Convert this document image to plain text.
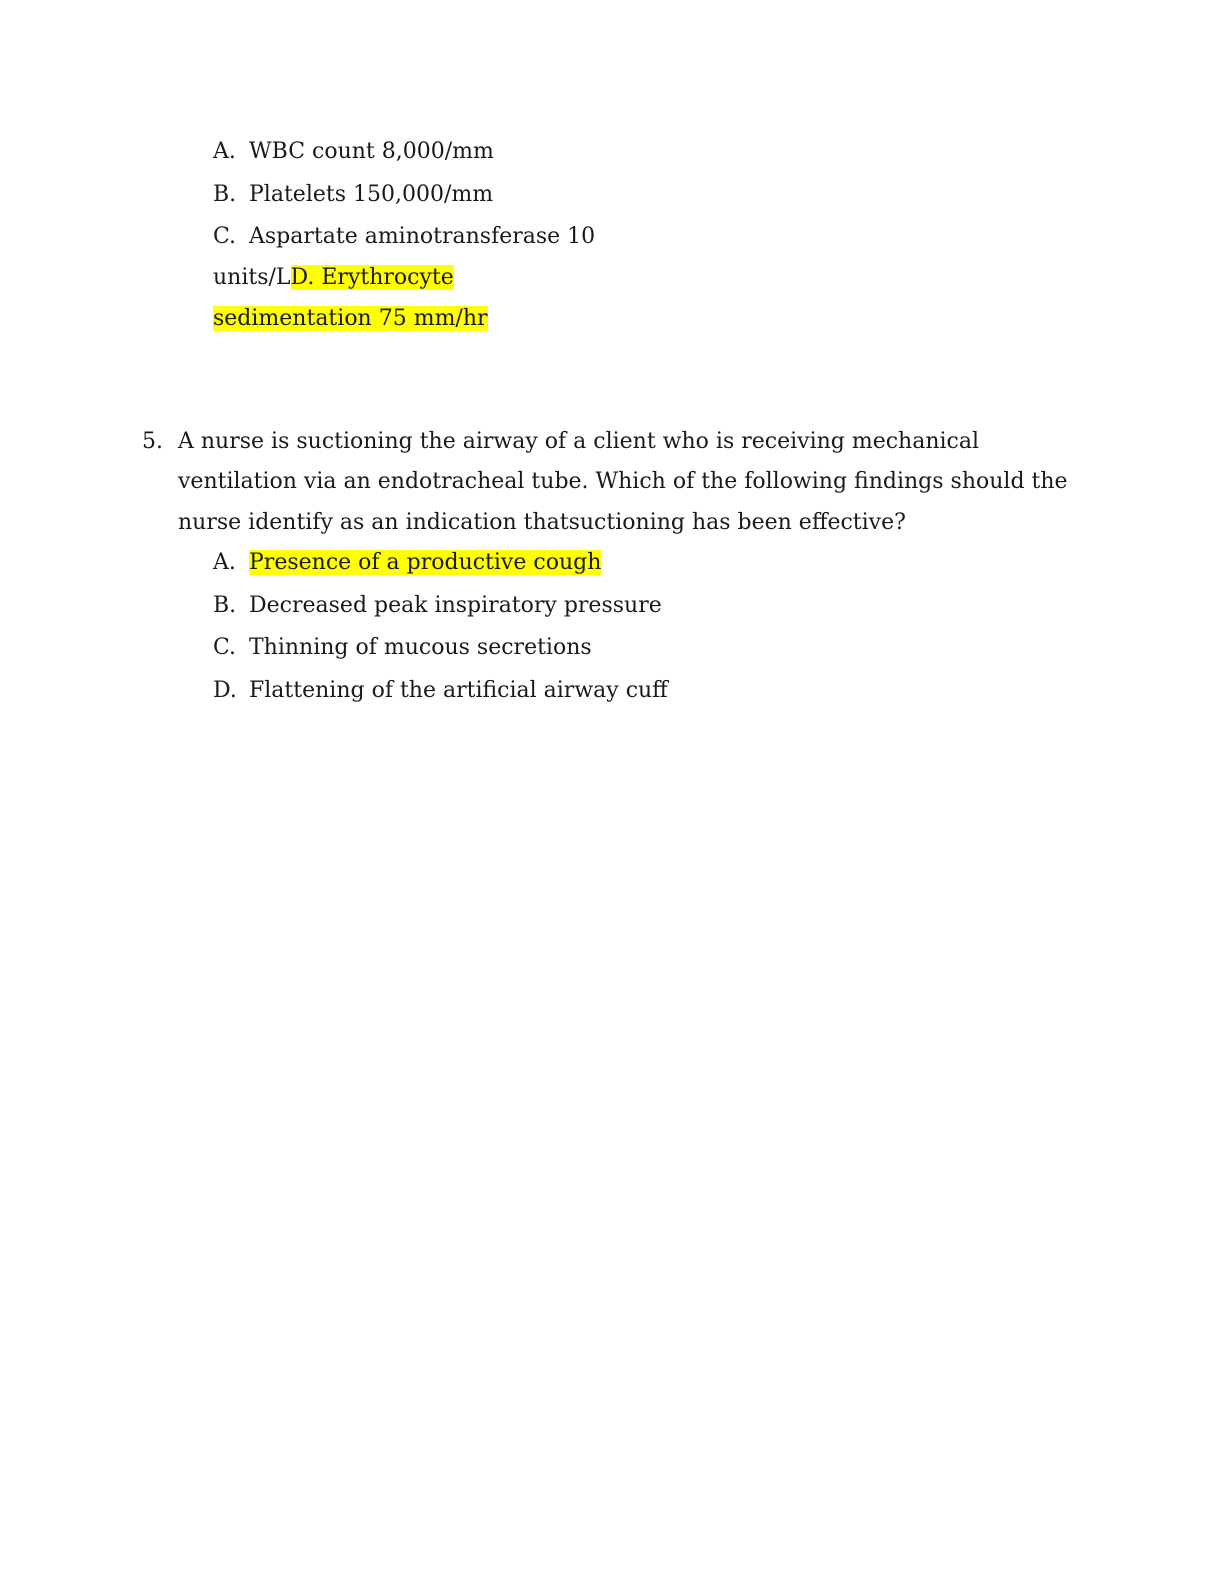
A. WBC count 8,000/mm
B. Platelets 150,000/mm
C. Aspartate aminotransferase 10
units/LD. Erythrocyte
sedimentation 75 mm/hr
5. A nurse is suctioning the airway of a client who is receiving mechanical
ventilation via an endotracheal tube. Which of the following findings should the
nurse identify as an indication thatsuctioning has been effective?
A. Presence of a productive cough
B. Decreased peak inspiratory pressure
C. Thinning of mucous secretions
D. Flattening of the artificial airway cuff
